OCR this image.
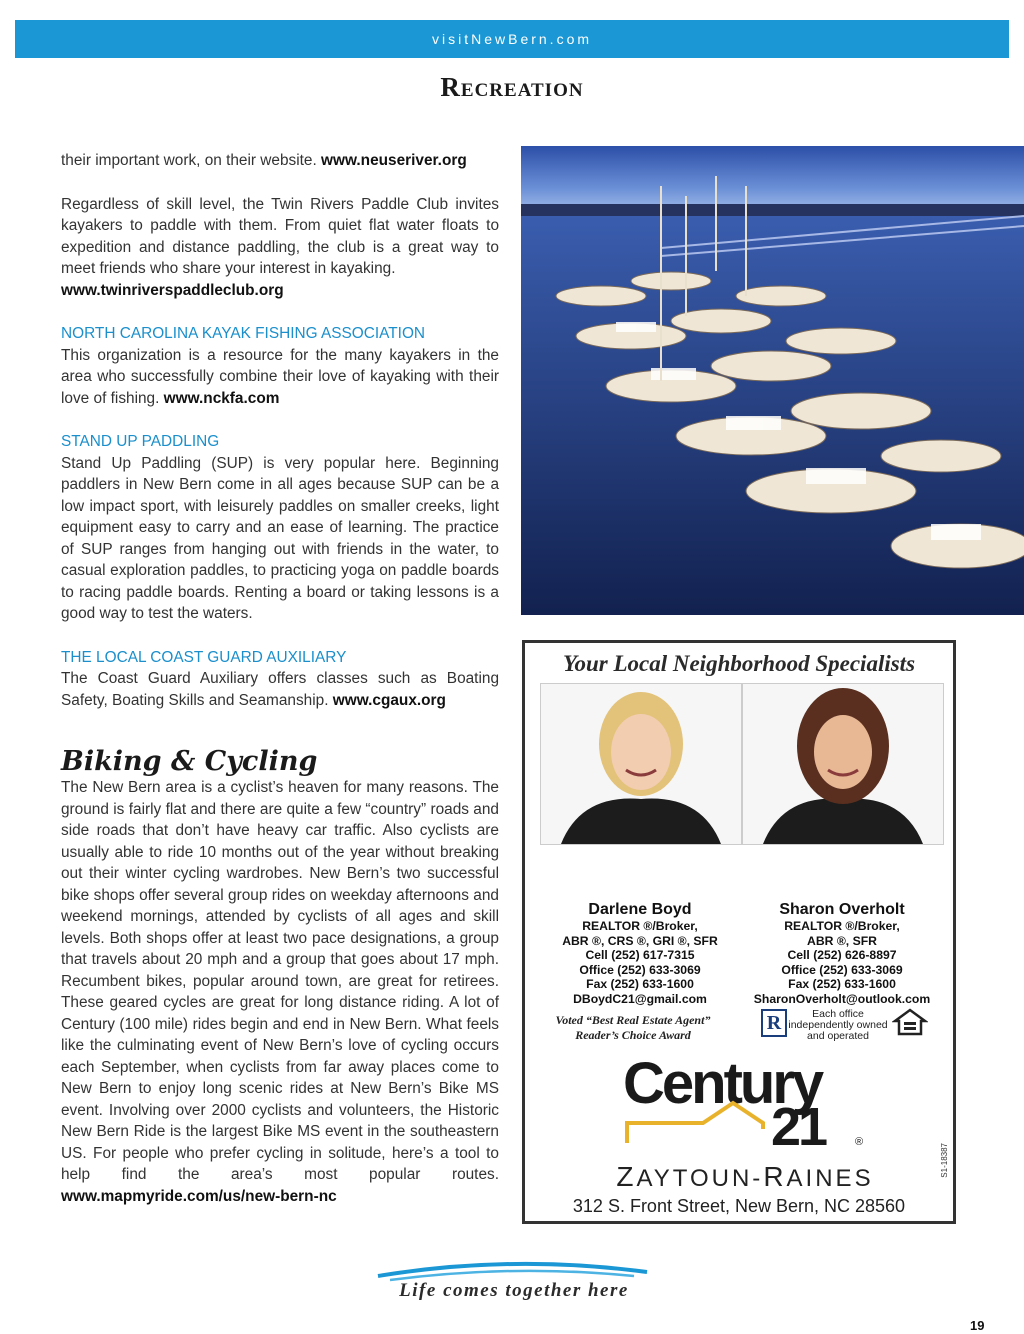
visitNewBern.com
Recreation

their important work, on their website. www.neuseriver.org

Regardless of skill level, the Twin Rivers Paddle Club invites kayakers to paddle with them. From quiet flat water floats to expedition and distance paddling, the club is a great way to meet friends who share your interest in kayaking.
www.twinriverspaddleclub.org

NORTH CAROLINA KAYAK FISHING ASSOCIATION

This organization is a resource for the many kayakers in the area who successfully combine their love of kayaking with their love of fishing. www.nckfa.com

STAND UP PADDLING

Stand Up Paddling (SUP) is very popular here. Beginning paddlers in New Bern come in all ages because SUP can be a low impact sport, with leisurely paddles on smaller creeks, light equipment easy to carry and an ease of learning. The practice of SUP ranges from hanging out with friends in the water, to casual exploration paddles, to practicing yoga on paddle boards to racing paddle boards. Renting a board or taking lessons is a good way to test the waters.

THE LOCAL COAST GUARD AUXILIARY

The Coast Guard Auxiliary offers classes such as Boating Safety, Boating Skills and Seamanship. www.cgaux.org

Biking & Cycling

The New Bern area is a cyclist’s heaven for many reasons. The ground is fairly flat and there are quite a few “country” roads and side roads that don’t have heavy car traffic. Also cyclists are usually able to ride 10 months out of the year without breaking out their winter cycling wardrobes. New Bern’s two successful bike shops offer several group rides on weekday afternoons and weekend mornings, attended by cyclists of all ages and skill levels. Both shops offer at least two pace designations, a group that travels about 20 mph and a group that goes about 17 mph. Recumbent bikes, popular around town, are great for retirees. These geared cycles are great for long distance riding. A lot of Century (100 mile) rides begin and end in New Bern. What feels like the culminating event of New Bern’s love of cycling occurs each September, when cyclists from far away places come to New Bern to enjoy long scenic rides at New Bern’s Bike MS event. Involving over 2000 cyclists and volunteers, the Historic New Bern Ride is the largest Bike MS event in the southeastern US. For people who prefer cycling in solitude, here’s a tool to help find the area’s most popular routes. www.mapmyride.com/us/new-bern-nc

Your Local Neighborhood Specialists
Darlene Boyd
REALTOR ®/Broker,
ABR ®, CRS ®, GRI ®, SFR
Cell (252) 617-7315
Office (252) 633-3069
Fax (252) 633-1600
DBoydC21@gmail.com
Sharon Overholt
REALTOR ®/Broker,
ABR ®, SFR
Cell (252) 626-8897
Office (252) 633-3069
Fax (252) 633-1600
SharonOverholt@outlook.com
Voted “Best Real Estate Agent”
Reader’s Choice Award
R	Each office independently owned and operated
Century
21	®
ZAYTOUN-RAINES
312 S. Front Street, New Bern, NC 28560
S1-18387
Life comes together here
19
